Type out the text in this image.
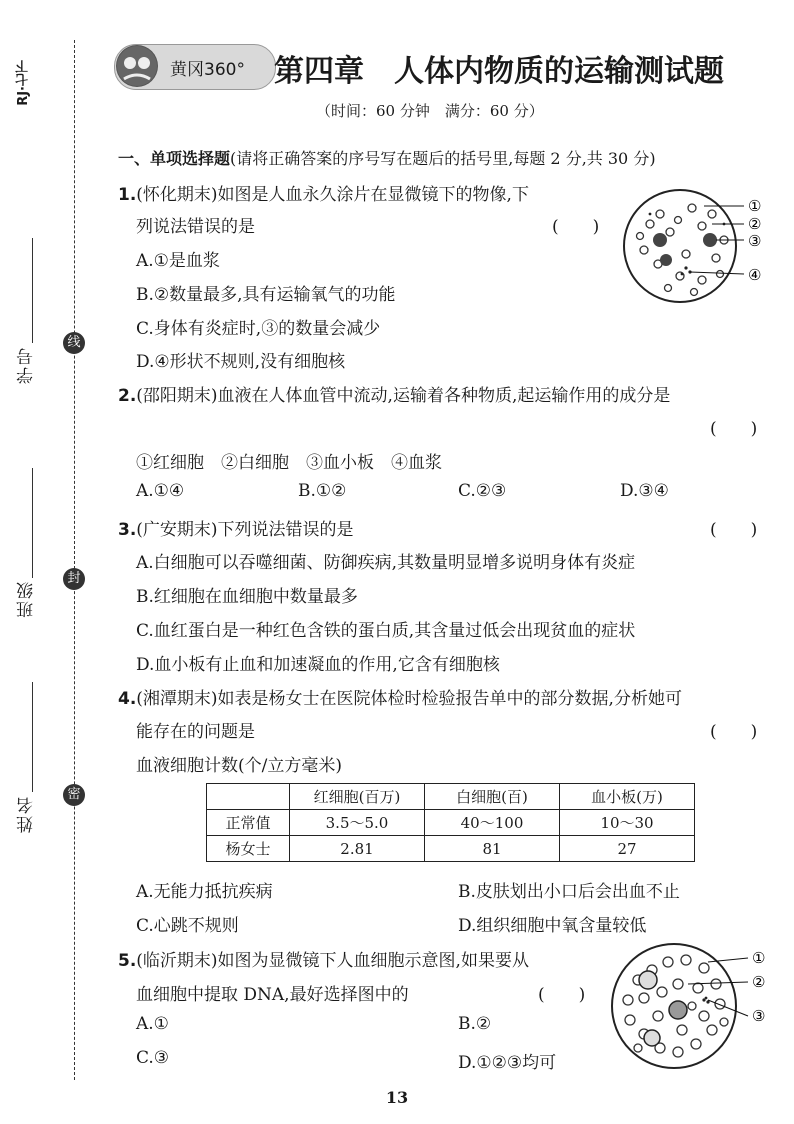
RJ·七下
学号
线
班级
封
姓名
密
黄冈360° 第四章　人体内物质的运输测试题
（时间：60 分钟　满分：60 分）
一、单项选择题(请将正确答案的序号写在题后的括号里,每题 2 分,共 30 分)
1.(怀化期末)如图是人血永久涂片在显微镜下的物像,下
列说法错误的是	(　　)
A.①是血浆
B.②数量最多,具有运输氧气的功能
C.身体有炎症时,③的数量会减少
D.④形状不规则,没有细胞核
①
②
③
④
2.(邵阳期末)血液在人体血管中流动,运输着各种物质,起运输作用的成分是
(　　)
①红细胞　②白细胞　③血小板　④血浆
A.①④	B.①②	C.②③	D.③④
3.(广安期末)下列说法错误的是	(　　)
A.白细胞可以吞噬细菌、防御疾病,其数量明显增多说明身体有炎症
B.红细胞在血细胞中数量最多
C.血红蛋白是一种红色含铁的蛋白质,其含量过低会出现贫血的症状
D.血小板有止血和加速凝血的作用,它含有细胞核
4.(湘潭期末)如表是杨女士在医院体检时检验报告单中的部分数据,分析她可
能存在的问题是	(　　)
血液细胞计数(个/立方毫米)
	红细胞(百万)	白细胞(百)	血小板(万)
正常值	3.5～5.0	40～100	10～30
杨女士	2.81	81	27
A.无能力抵抗疾病	B.皮肤划出小口后会出血不止
C.心跳不规则	D.组织细胞中氧含量较低
5.(临沂期末)如图为显微镜下人血细胞示意图,如果要从
血细胞中提取 DNA,最好选择图中的	(　　)
A.①	B.②
C.③	D.①②③均可
①
②
③
13
